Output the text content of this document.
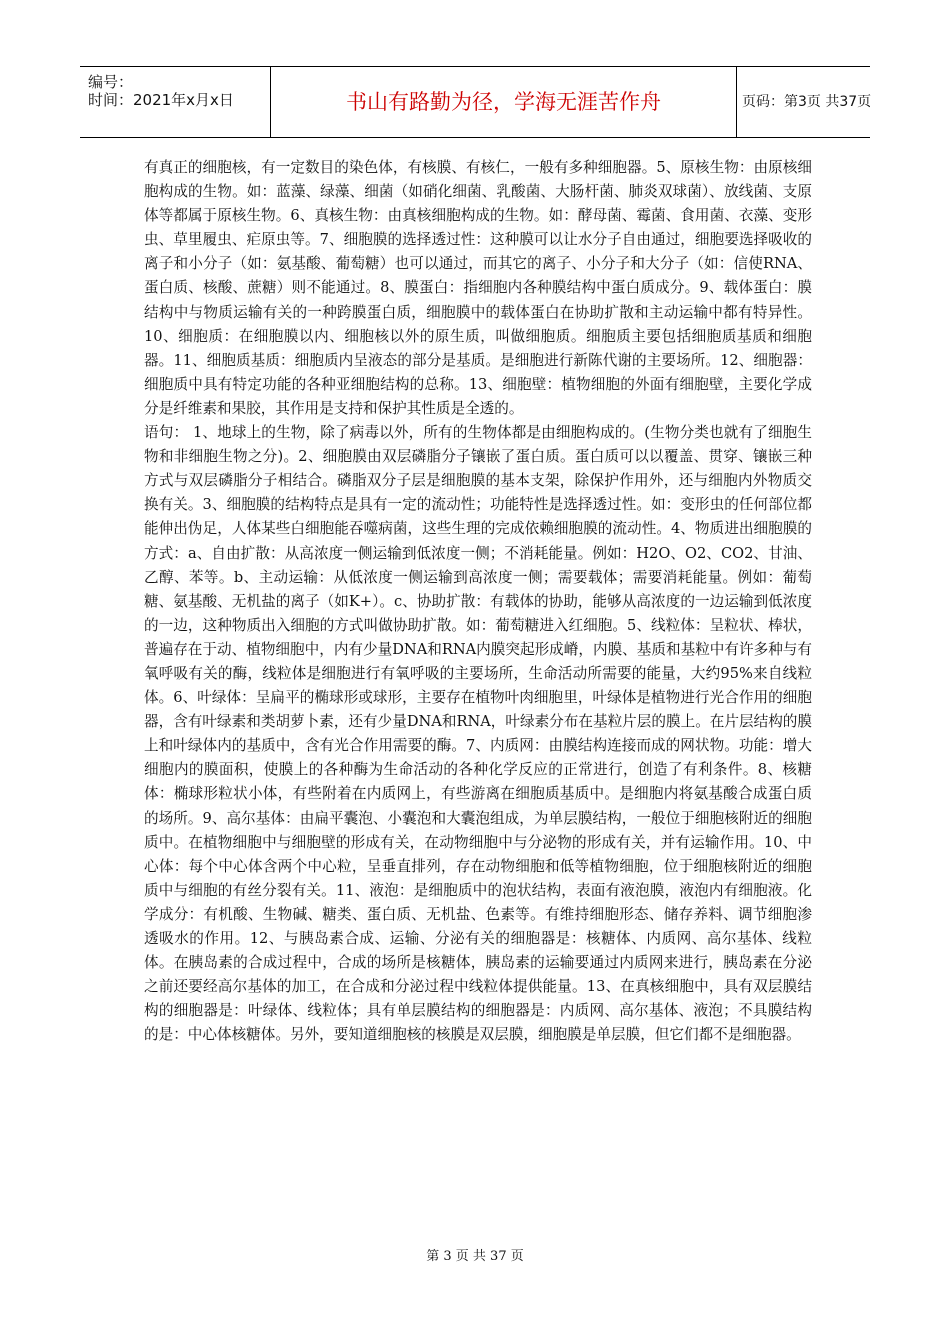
编号：
时间：2021年x月x日	书山有路勤为径，学海无涯苦作舟	页码：第3页 共37页

有真正的细胞核，有一定数目的染色体，有核膜、有核仁，一般有多种细胞器。5、原核生物：由原核细胞构成的生物。如：蓝藻、绿藻、细菌（如硝化细菌、乳酸菌、大肠杆菌、肺炎双球菌）、放线菌、支原体等都属于原核生物。6、真核生物：由真核细胞构成的生物。如：酵母菌、霉菌、食用菌、衣藻、变形虫、草里履虫、疟原虫等。7、细胞膜的选择透过性：这种膜可以让水分子自由通过，细胞要选择吸收的离子和小分子（如：氨基酸、葡萄糖）也可以通过，而其它的离子、小分子和大分子（如：信使RNA、蛋白质、核酸、蔗糖）则不能通过。8、膜蛋白：指细胞内各种膜结构中蛋白质成分。9、载体蛋白：膜结构中与物质运输有关的一种跨膜蛋白质，细胞膜中的载体蛋白在协助扩散和主动运输中都有特异性。10、细胞质：在细胞膜以内、细胞核以外的原生质，叫做细胞质。细胞质主要包括细胞质基质和细胞器。11、细胞质基质：细胞质内呈液态的部分是基质。是细胞进行新陈代谢的主要场所。12、细胞器：细胞质中具有特定功能的各种亚细胞结构的总称。13、细胞壁：植物细胞的外面有细胞壁，主要化学成分是纤维素和果胶，其作用是支持和保护其性质是全透的。

语句： 1、地球上的生物，除了病毒以外，所有的生物体都是由细胞构成的。(生物分类也就有了细胞生物和非细胞生物之分)。2、细胞膜由双层磷脂分子镶嵌了蛋白质。蛋白质可以以覆盖、贯穿、镶嵌三种方式与双层磷脂分子相结合。磷脂双分子层是细胞膜的基本支架，除保护作用外，还与细胞内外物质交换有关。3、细胞膜的结构特点是具有一定的流动性；功能特性是选择透过性。如：变形虫的任何部位都能伸出伪足，人体某些白细胞能吞噬病菌，这些生理的完成依赖细胞膜的流动性。4、物质进出细胞膜的方式：a、自由扩散：从高浓度一侧运输到低浓度一侧；不消耗能量。例如：H2O、O2、CO2、甘油、乙醇、苯等。b、主动运输：从低浓度一侧运输到高浓度一侧；需要载体；需要消耗能量。例如：葡萄糖、氨基酸、无机盐的离子（如K+）。c、协助扩散：有载体的协助，能够从高浓度的一边运输到低浓度的一边，这种物质出入细胞的方式叫做协助扩散。如：葡萄糖进入红细胞。5、线粒体：呈粒状、棒状，普遍存在于动、植物细胞中，内有少量DNA和RNA内膜突起形成嵴，内膜、基质和基粒中有许多种与有氧呼吸有关的酶，线粒体是细胞进行有氧呼吸的主要场所，生命活动所需要的能量，大约95%来自线粒体。6、叶绿体：呈扁平的椭球形或球形，主要存在植物叶肉细胞里，叶绿体是植物进行光合作用的细胞器，含有叶绿素和类胡萝卜素，还有少量DNA和RNA，叶绿素分布在基粒片层的膜上。在片层结构的膜上和叶绿体内的基质中，含有光合作用需要的酶。7、内质网：由膜结构连接而成的网状物。功能：增大细胞内的膜面积，使膜上的各种酶为生命活动的各种化学反应的正常进行，创造了有利条件。8、核糖体：椭球形粒状小体，有些附着在内质网上，有些游离在细胞质基质中。是细胞内将氨基酸合成蛋白质的场所。9、高尔基体：由扁平囊泡、小囊泡和大囊泡组成，为单层膜结构，一般位于细胞核附近的细胞质中。在植物细胞中与细胞壁的形成有关，在动物细胞中与分泌物的形成有关，并有运输作用。10、中心体：每个中心体含两个中心粒，呈垂直排列，存在动物细胞和低等植物细胞，位于细胞核附近的细胞质中与细胞的有丝分裂有关。11、液泡：是细胞质中的泡状结构，表面有液泡膜，液泡内有细胞液。化学成分：有机酸、生物碱、糖类、蛋白质、无机盐、色素等。有维持细胞形态、储存养料、调节细胞渗透吸水的作用。12、与胰岛素合成、运输、分泌有关的细胞器是：核糖体、内质网、高尔基体、线粒体。在胰岛素的合成过程中，合成的场所是核糖体，胰岛素的运输要通过内质网来进行，胰岛素在分泌之前还要经高尔基体的加工，在合成和分泌过程中线粒体提供能量。13、在真核细胞中，具有双层膜结构的细胞器是：叶绿体、线粒体；具有单层膜结构的细胞器是：内质网、高尔基体、液泡；不具膜结构的是：中心体核糖体。另外，要知道细胞核的核膜是双层膜，细胞膜是单层膜，但它们都不是细胞器。

第 3 页 共 37 页
